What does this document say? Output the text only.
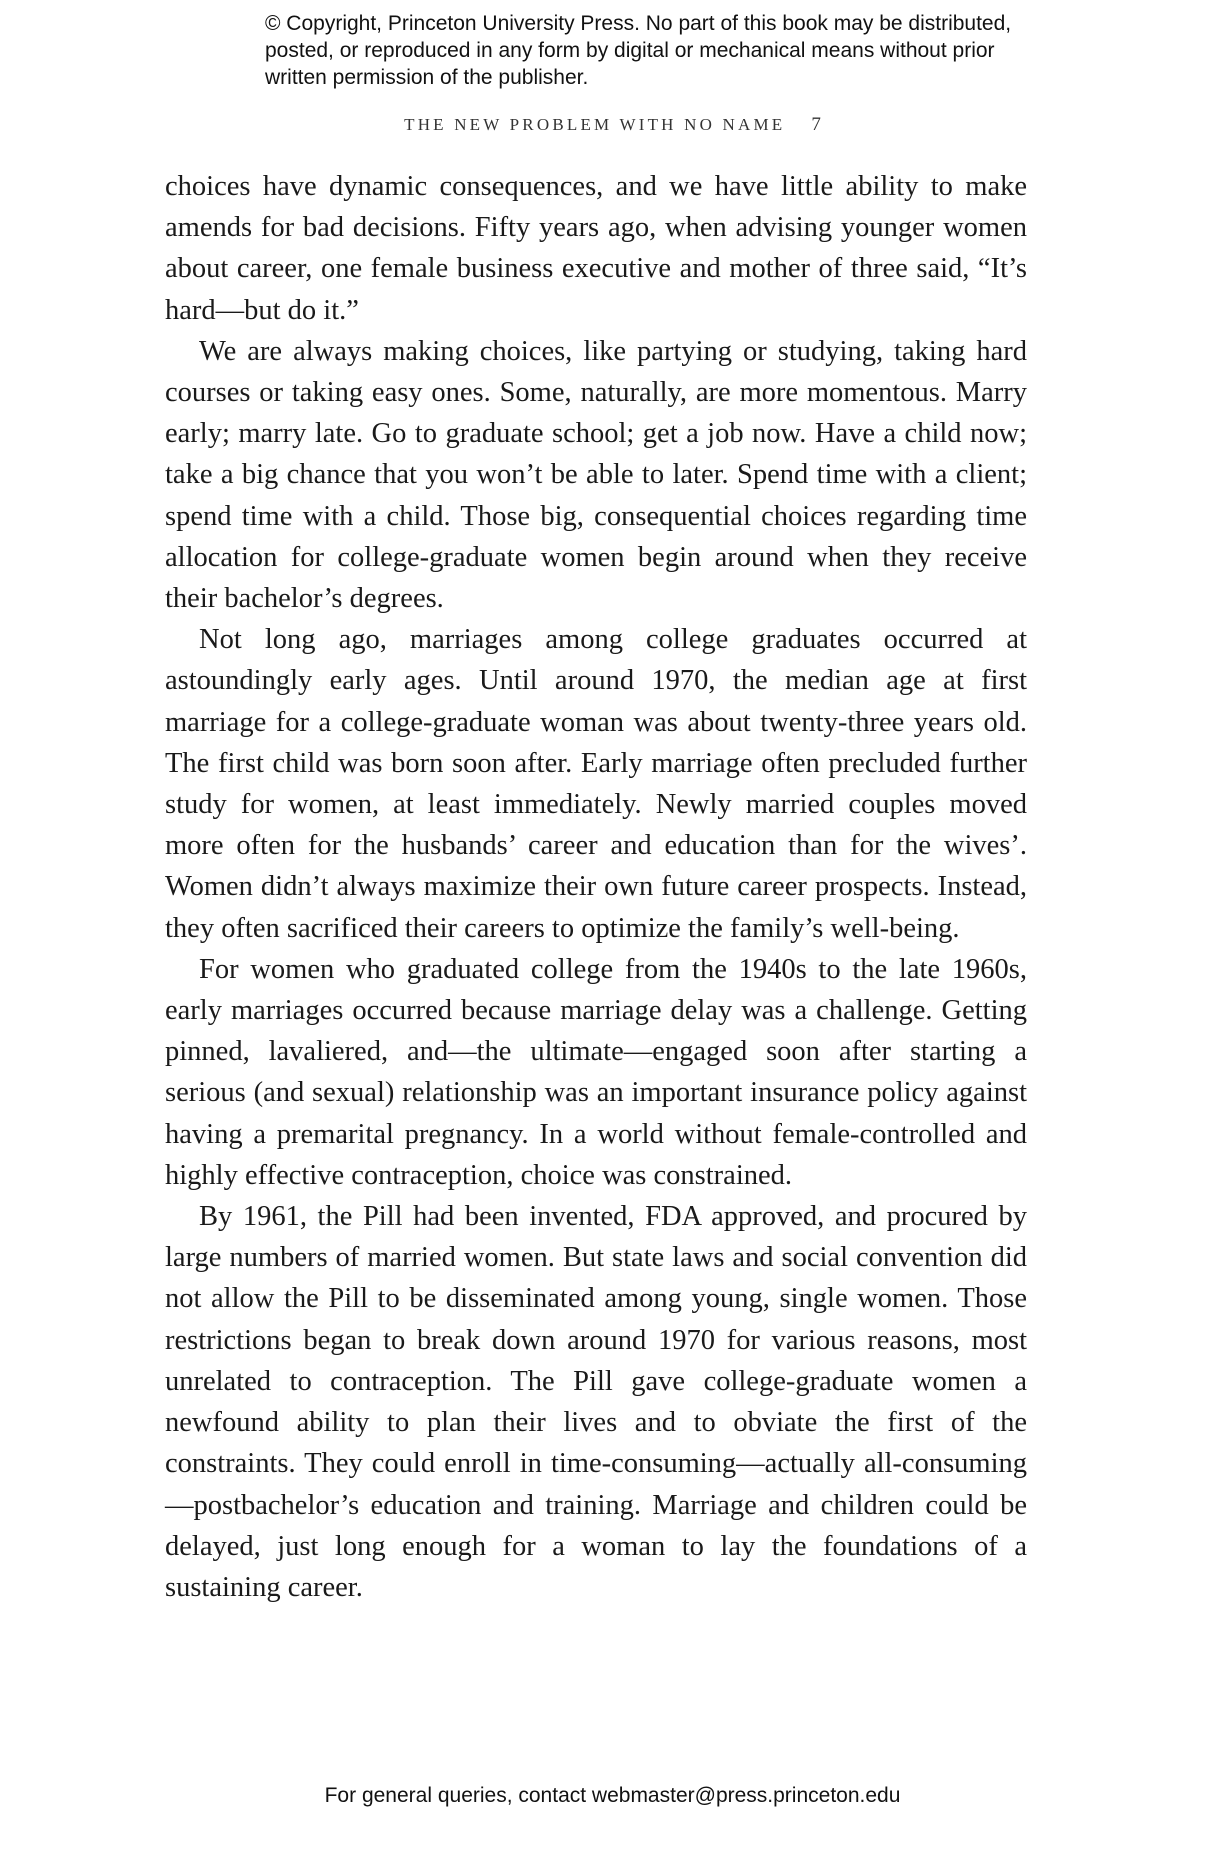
© Copyright, Princeton University Press. No part of this book may be distributed, posted, or reproduced in any form by digital or mechanical means without prior written permission of the publisher.
THE NEW PROBLEM WITH NO NAME 7

choices have dynamic consequences, and we have little ability to make amends for bad decisions. Fifty years ago, when advising younger women about career, one female business executive and mother of three said, “It’s hard—but do it.”

We are always making choices, like partying or studying, taking hard courses or taking easy ones. Some, naturally, are more momentous. Marry early; marry late. Go to graduate school; get a job now. Have a child now; take a big chance that you won’t be able to later. Spend time with a client; spend time with a child. Those big, consequential choices regarding time allocation for college-graduate women begin around when they receive their bachelor’s degrees.

Not long ago, marriages among college graduates occurred at astoundingly early ages. Until around 1970, the median age at first marriage for a college-graduate woman was about twenty-three years old. The first child was born soon after. Early marriage often precluded further study for women, at least immediately. Newly married couples moved more often for the husbands’ career and education than for the wives’. Women didn’t always maximize their own future career prospects. Instead, they often sacrificed their careers to optimize the family’s well-being.

For women who graduated college from the 1940s to the late 1960s, early marriages occurred because marriage delay was a challenge. Getting pinned, lavaliered, and—the ultimate—engaged soon after starting a serious (and sexual) relationship was an important insurance policy against having a premarital pregnancy. In a world without female-controlled and highly effective contraception, choice was constrained.

By 1961, the Pill had been invented, FDA approved, and procured by large numbers of married women. But state laws and social convention did not allow the Pill to be disseminated among young, single women. Those restrictions began to break down around 1970 for various reasons, most unrelated to contraception. The Pill gave college-graduate women a newfound ability to plan their lives and to obviate the first of the constraints. They could enroll in time-consuming—actually all-consuming—postbachelor’s education and training. Marriage and children could be delayed, just long enough for a woman to lay the foundations of a sustaining career.

For general queries, contact webmaster@press.princeton.edu
